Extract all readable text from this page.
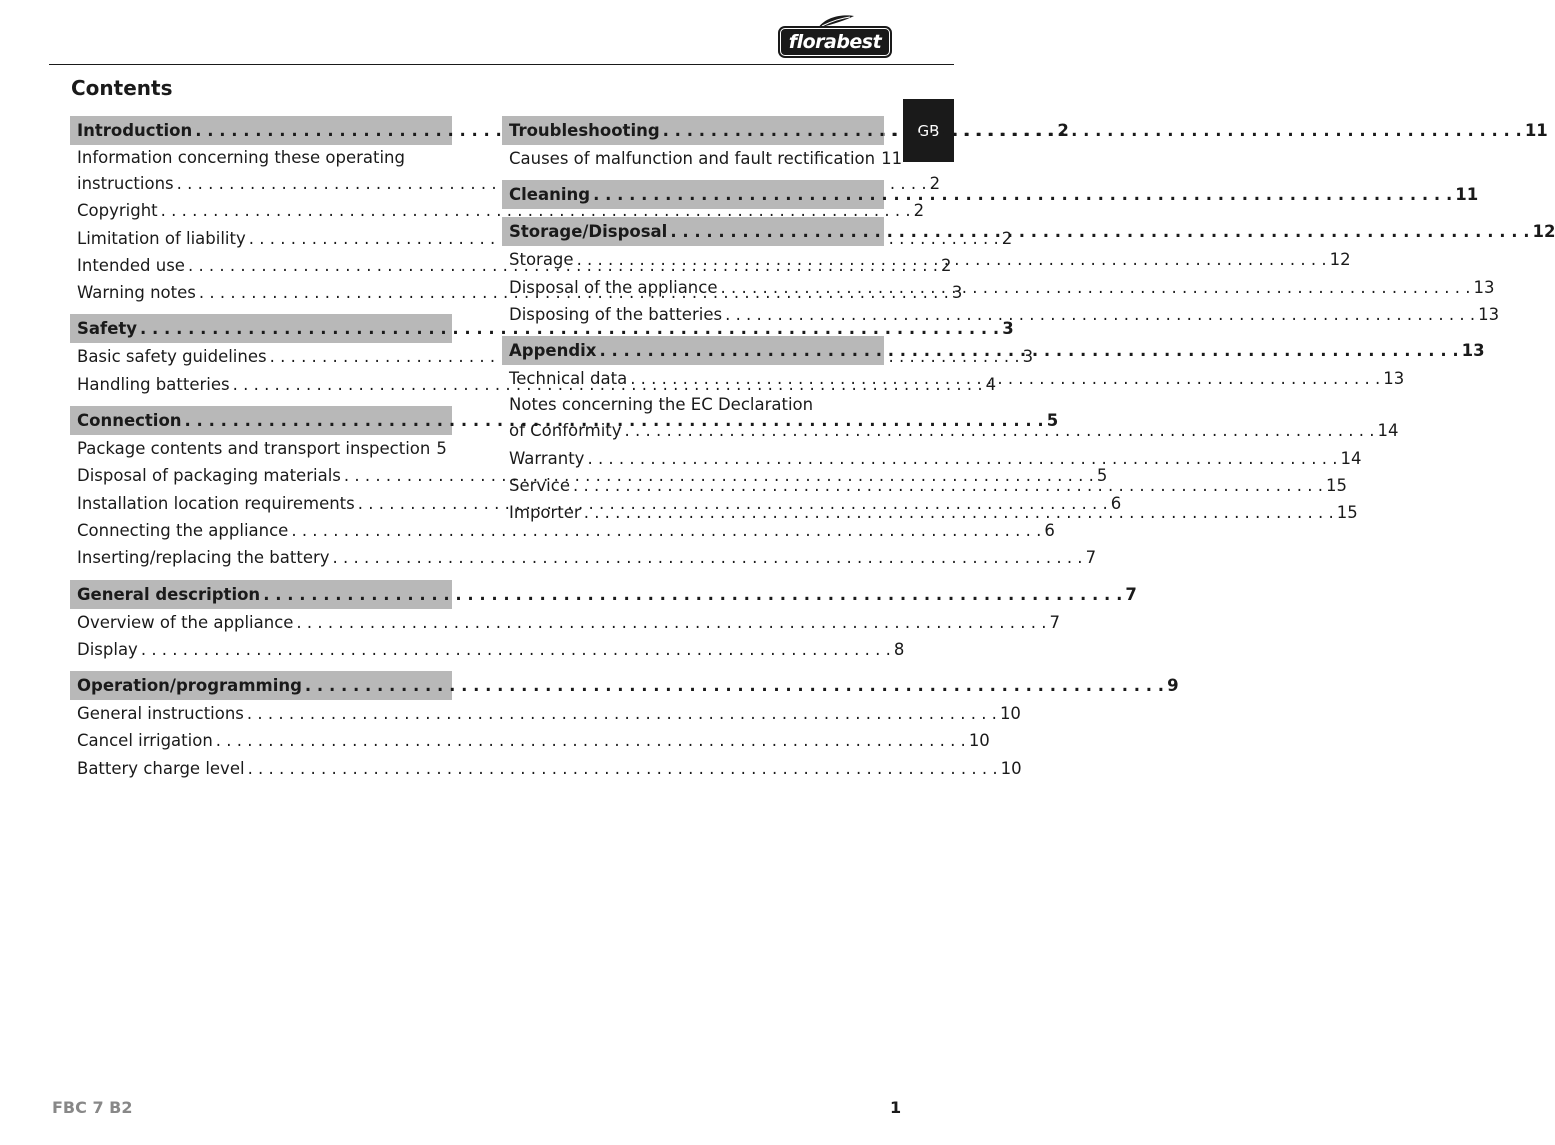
florabest
GB
Contents
Introduction . . .	2
Information concerning these operating
instructions . . .	2
Copyright . . .	2
Limitation of liability . . .	2
Intended use . . .	2
Warning notes . . .	3
Safety . . .	3
Basic safety guidelines . . .	3
Handling batteries . . .	4
Connection . . .	5
Package contents and transport inspection 5
Disposal of packaging materials . . .	5
Installation location requirements . . .	6
Connecting the appliance . . .	6
Inserting/replacing the battery . . .	7
General description . . .	7
Overview of the appliance . . .	7
Display . . .	8
Operation/programming . . .	9
General instructions . . .	10
Cancel irrigation . . .	10
Battery charge level . . .	10
Troubleshooting . . .	11
Causes of malfunction and fault rectification 11
Cleaning . . .	11
Storage/Disposal . . .	12
Storage . . .	12
Disposal of the appliance . . .	13
Disposing of the batteries . . .	13
Appendix . . .	13
Technical data . . .	13
Notes concerning the EC Declaration
of Conformity . . .	14
Warranty . . .	14
Service . . .	15
Importer . . .	15
FBC 7 B2	1
